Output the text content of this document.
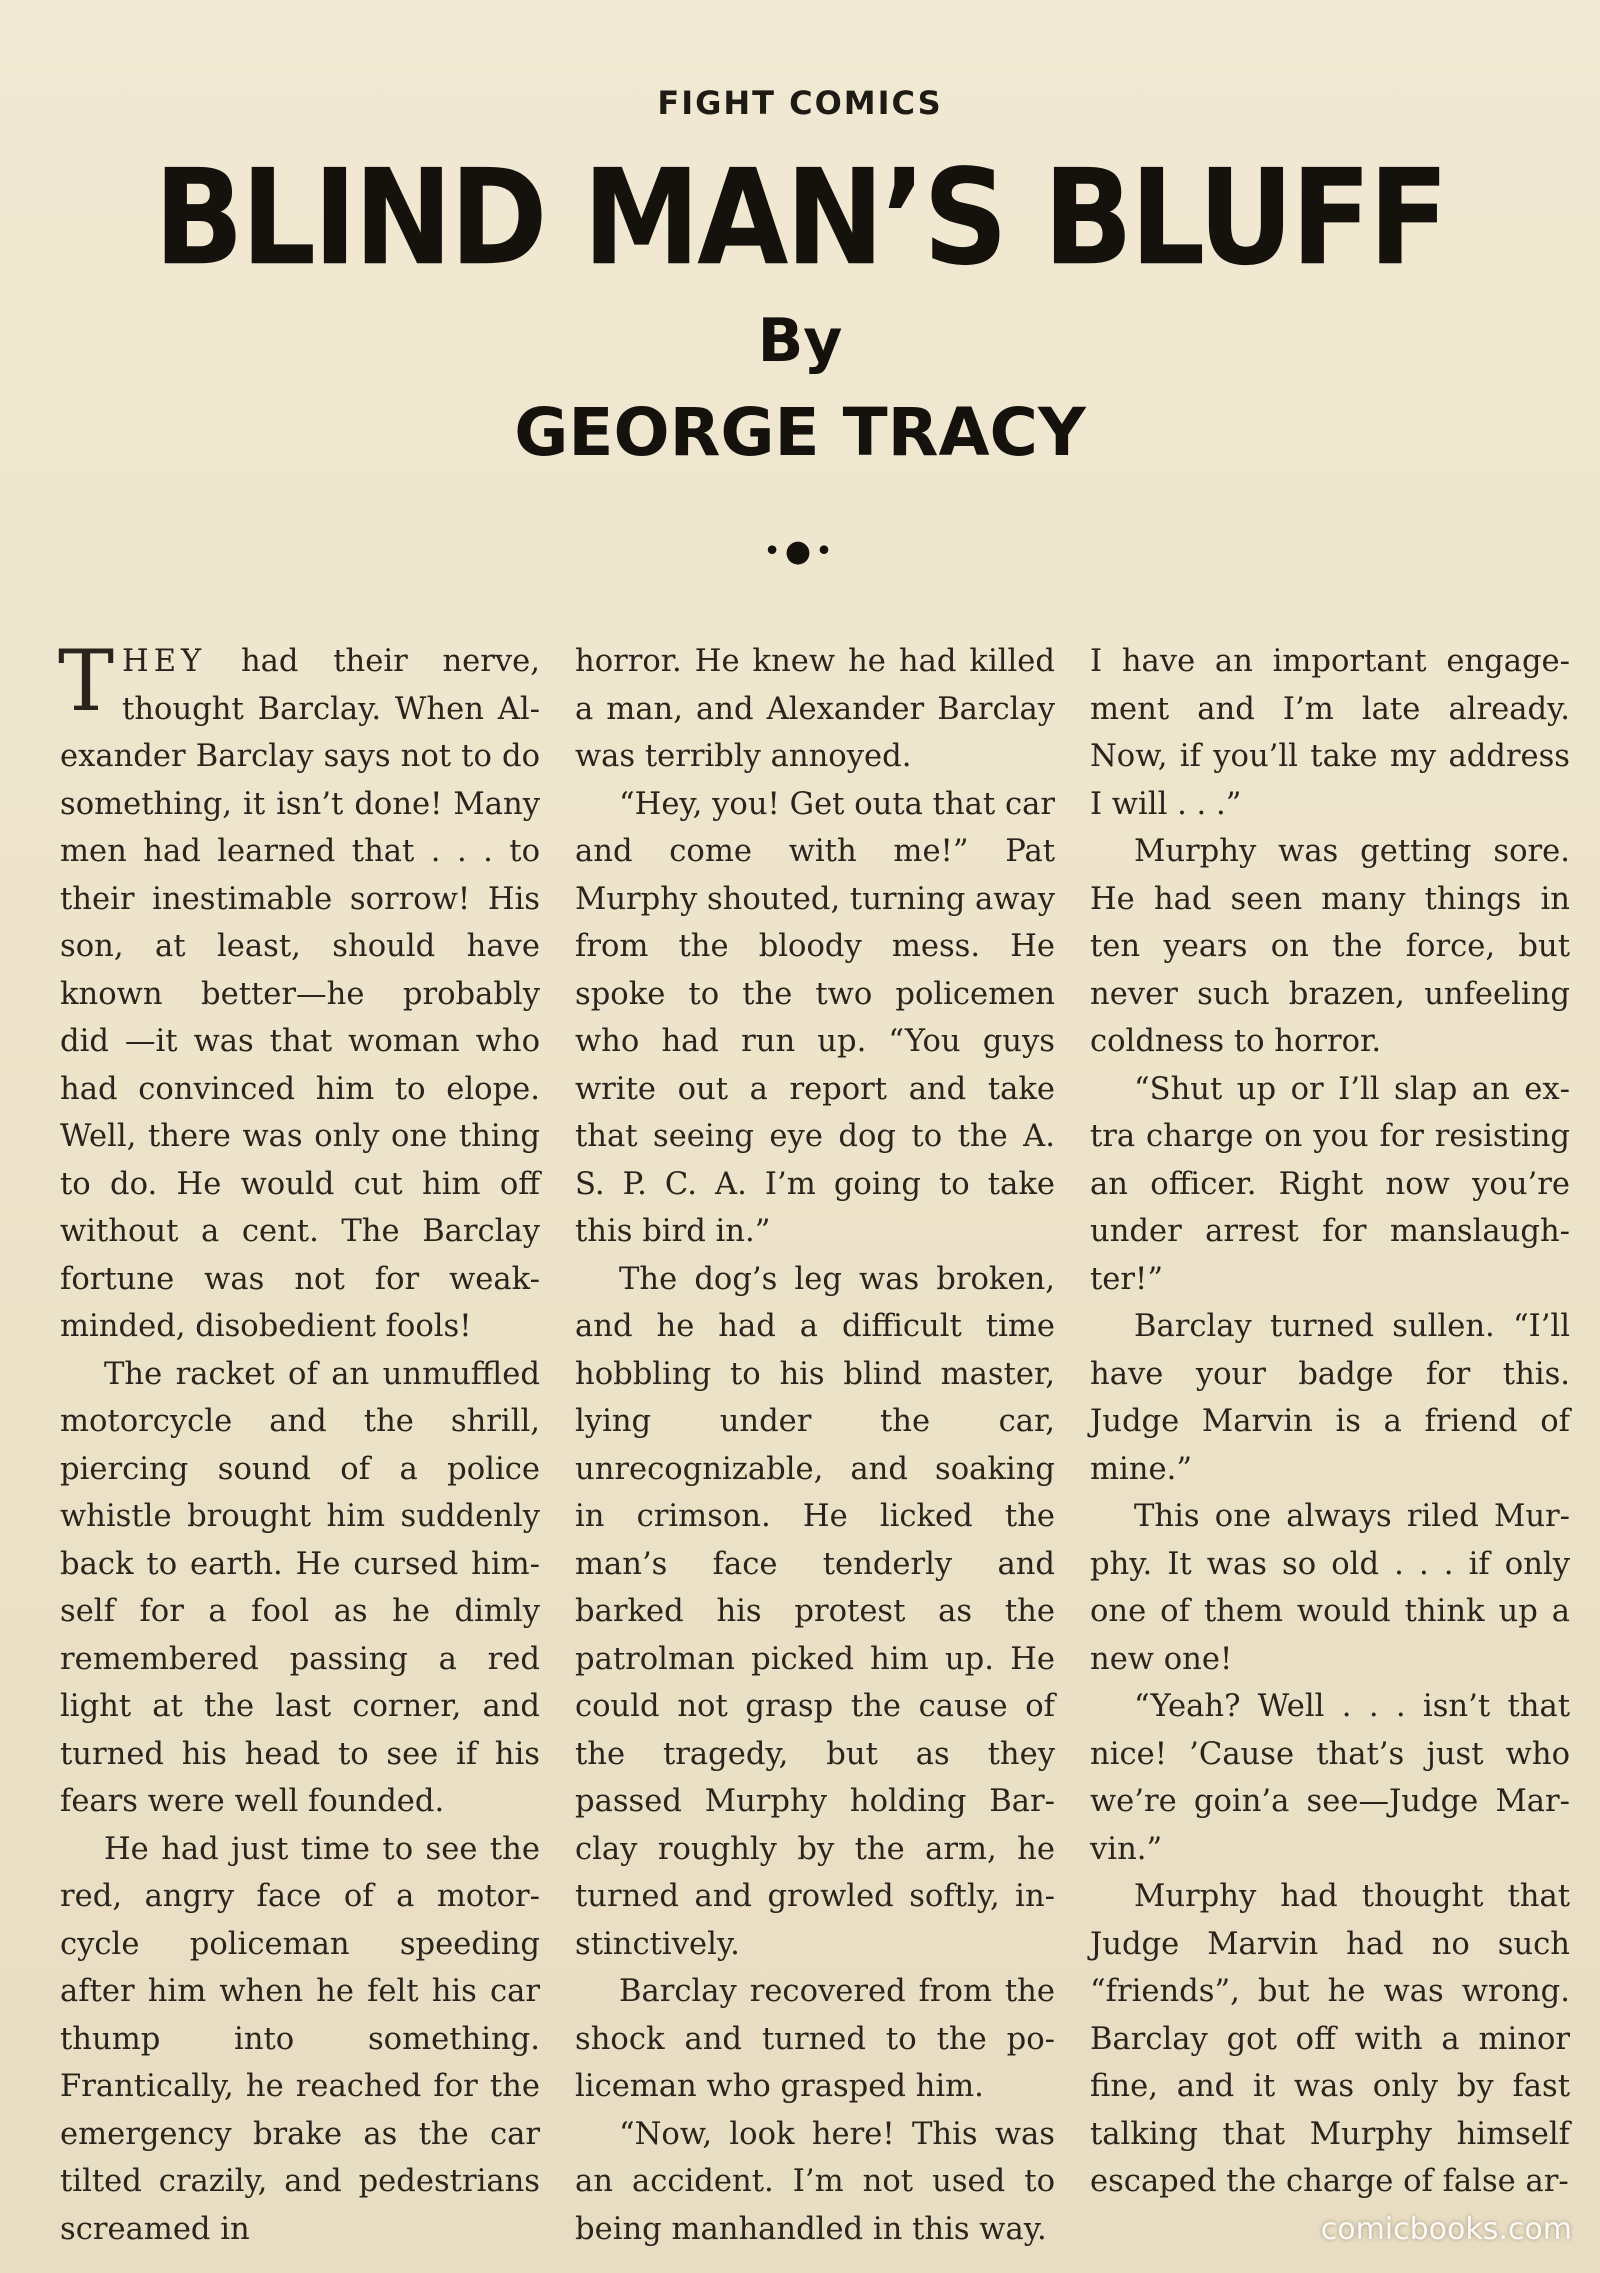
FIGHT COMICS
BLIND MAN’S BLUFF
By
GEORGE TRACY
•●•

THEY had their nerve, thought Barclay. When Alexander Barclay says not to do something, it isn’t done! Many men had learned that . . . to their inestimable sorrow! His son, at least, should have known better—he probably did —it was that woman who had convinced him to elope. Well, there was only one thing to do. He would cut him off without a cent. The Barclay fortune was not for weak-minded, disobedient fools!

The racket of an unmuffled motorcycle and the shrill, piercing sound of a police whistle brought him suddenly back to earth. He cursed himself for a fool as he dimly remembered passing a red light at the last corner, and turned his head to see if his fears were well founded.

He had just time to see the red, angry face of a motorcycle policeman speeding after him when he felt his car thump into something. Frantically, he reached for the emergency brake as the car tilted crazily, and pedestrians screamed in

horror. He knew he had killed a man, and Alexander Barclay was terribly annoyed.

“Hey, you! Get outa that car and come with me!” Pat Murphy shouted, turning away from the bloody mess. He spoke to the two policemen who had run up. “You guys write out a report and take that seeing eye dog to the A. S. P. C. A. I’m going to take this bird in.”

The dog’s leg was broken, and he had a difficult time hobbling to his blind master, lying under the car, unrecognizable, and soaking in crimson. He licked the man’s face tenderly and barked his protest as the patrolman picked him up. He could not grasp the cause of the tragedy, but as they passed Murphy holding Barclay roughly by the arm, he turned and growled softly, instinctively.

Barclay recovered from the shock and turned to the policeman who grasped him.

“Now, look here! This was an accident. I’m not used to being manhandled in this way.

I have an important engagement and I’m late already. Now, if you’ll take my address I will . . .”

Murphy was getting sore. He had seen many things in ten years on the force, but never such brazen, unfeeling coldness to horror.

“Shut up or I’ll slap an extra charge on you for resisting an officer. Right now you’re under arrest for manslaughter!”

Barclay turned sullen. “I’ll have your badge for this. Judge Marvin is a friend of mine.”

This one always riled Murphy. It was so old . . . if only one of them would think up a new one!

“Yeah? Well . . . isn’t that nice! ’Cause that’s just who we’re goin’a see—Judge Marvin.”

Murphy had thought that Judge Marvin had no such “friends”, but he was wrong. Barclay got off with a minor fine, and it was only by fast talking that Murphy himself escaped the charge of false ar-

comicbooks.com
